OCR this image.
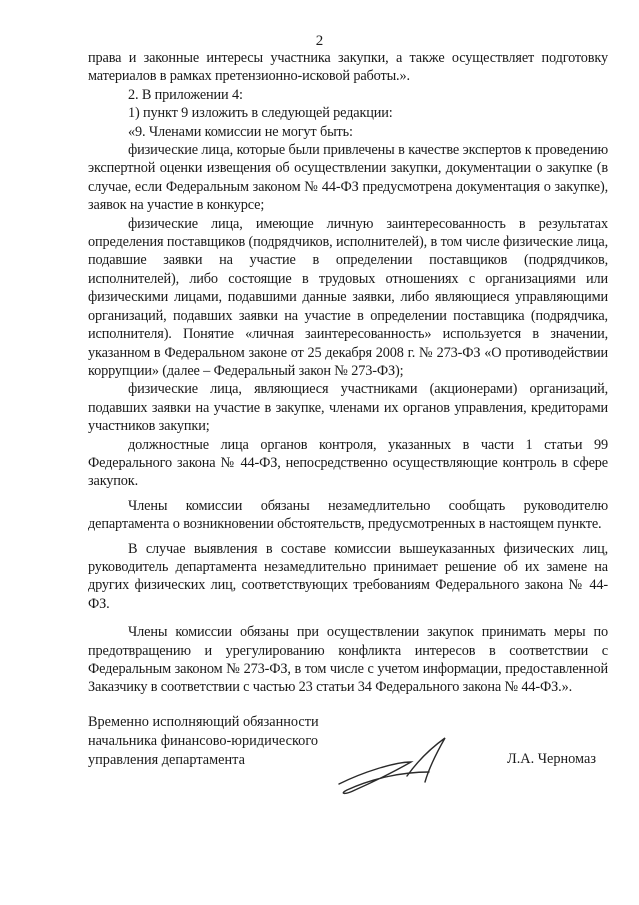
2

права и законные интересы участника закупки, а также осуществляет подготовку материалов в рамках претензионно-исковой работы.».

2. В приложении 4:

1) пункт 9 изложить в следующей редакции:

«9. Членами комиссии не могут быть:

физические лица, которые были привлечены в качестве экспертов к проведению экспертной оценки извещения об осуществлении закупки, документации о закупке (в случае, если Федеральным законом № 44-ФЗ предусмотрена документация о закупке), заявок на участие в конкурсе;

физические лица, имеющие личную заинтересованность в результатах определения поставщиков (подрядчиков, исполнителей), в том числе физические лица, подавшие заявки на участие в определении поставщиков (подрядчиков, исполнителей), либо состоящие в трудовых отношениях с организациями или физическими лицами, подавшими данные заявки, либо являющиеся управляющими организаций, подавших заявки на участие в определении поставщика (подрядчика, исполнителя). Понятие «личная заинтересованность» используется в значении, указанном в Федеральном законе от 25 декабря 2008 г. № 273-ФЗ «О противодействии коррупции» (далее – Федеральный закон № 273-ФЗ);

физические лица, являющиеся участниками (акционерами) организаций, подавших заявки на участие в закупке, членами их органов управления, кредиторами участников закупки;

должностные лица органов контроля, указанных в части 1 статьи 99 Федерального закона № 44-ФЗ, непосредственно осуществляющие контроль в сфере закупок.

Члены комиссии обязаны незамедлительно сообщать руководителю департамента о возникновении обстоятельств, предусмотренных в настоящем пункте.

В случае выявления в составе комиссии вышеуказанных физических лиц, руководитель департамента незамедлительно принимает решение об их замене на других физических лиц, соответствующих требованиям Федерального закона № 44-ФЗ.

Члены комиссии обязаны при осуществлении закупок принимать меры по предотвращению и урегулированию конфликта интересов в соответствии с Федеральным законом № 273-ФЗ, в том числе с учетом информации, предоставленной Заказчику в соответствии с частью 23 статьи 34 Федерального закона № 44-ФЗ.».

Временно исполняющий обязанности
начальника финансово-юридического
управления департамента	Л.А. Черномаз
